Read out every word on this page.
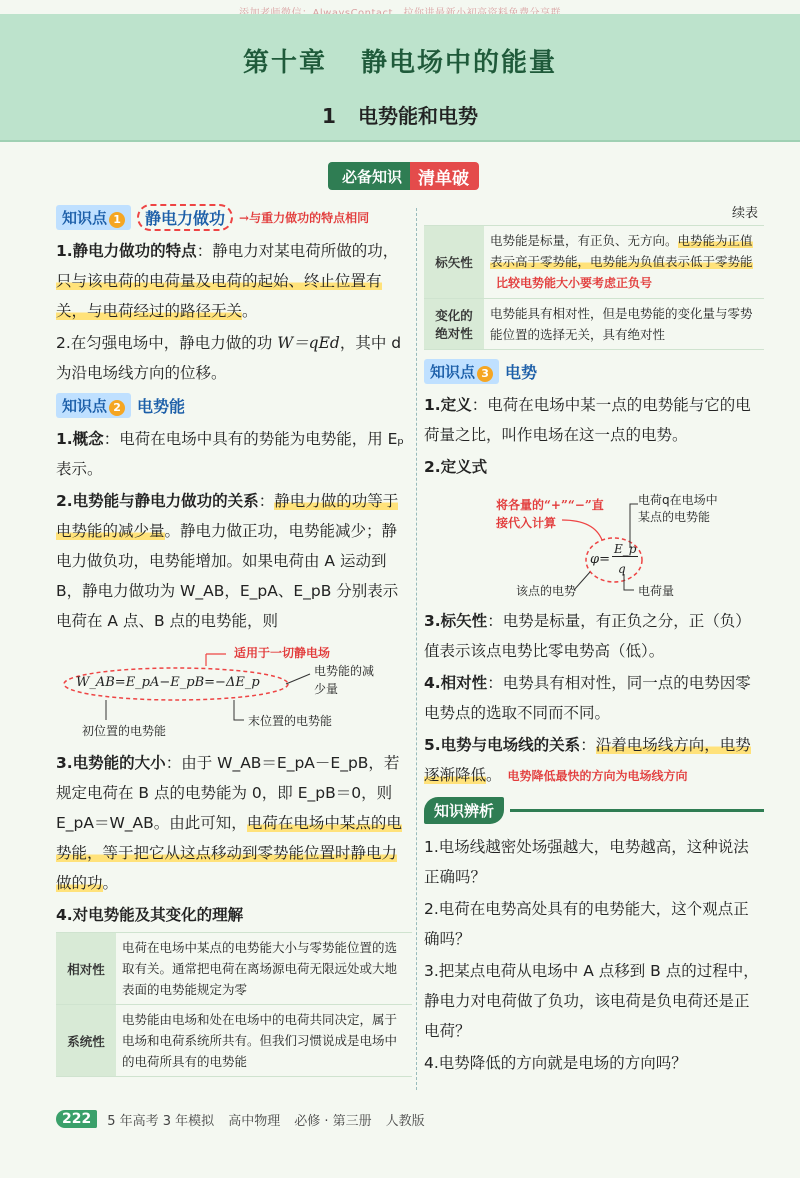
第十章 静电场中的能量
1 电势能和电势
必备知识 清单破
知识点 1	静电力做功	→与重力做功的特点相同

1.静电力做功的特点：静电力对某电荷所做的功，只与该电荷的电荷量及电荷的起始、终止位置有关，与电荷经过的路径无关。

2.在匀强电场中，静电力做的功 W＝qEd，其中 d 为沿电场线方向的位移。

知识点 2	电势能

1.概念：电荷在电场中具有的势能为电势能，用 Eₚ 表示。

2.电势能与静电力做功的关系：静电力做的功等于电势能的减少量。静电力做正功，电势能减少；静电力做负功，电势能增加。如果电荷由 A 运动到 B，静电力做功为 W_AB，E_pA、E_pB 分别表示电荷在 A 点、B 点的电势能，则

适用于一切静电场
W_AB=E_pA−E_pB=−ΔE_p
电势能的减少量
初位置的电势能
末位置的电势能

3.电势能的大小：由于 W_AB＝E_pA－E_pB，若规定电荷在 B 点的电势能为 0，即 E_pB＝0，则 E_pA＝W_AB。由此可知，电荷在电场中某点的电势能，等于把它从这点移动到零势能位置时静电力做的功。

4.对电势能及其变化的理解

相对性	电荷在电场中某点的电势能大小与零势能位置的选取有关。通常把电荷在离场源电荷无限远处或大地表面的电势能规定为零
系统性	电势能由电场和处在电场中的电荷共同决定，属于电场和电荷系统所共有。但我们习惯说成是电场中的电荷所具有的电势能
续表
标矢性	电势能是标量，有正负、无方向。电势能为正值表示高于零势能，电势能为负值表示低于零势能比较电势能大小要考虑正负号
变化的绝对性	电势能具有相对性，但是电势能的变化量与零势能位置的选择无关，具有绝对性
知识点 3	电势

1.定义：电荷在电场中某一点的电势能与它的电荷量之比，叫作电场在这一点的电势。

2.定义式

将各量的“+”“−”直接代入计算
φ=
E_p
q
电荷q在电场中某点的电势能
该点的电势	电荷量

3.标矢性：电势是标量，有正负之分，正（负）值表示该点电势比零电势高（低）。

4.相对性：电势具有相对性，同一点的电势因零电势点的选取不同而不同。

5.电势与电场线的关系：沿着电场线方向，电势逐渐降低。 电势降低最快的方向为电场线方向

知识辨析

1.电场线越密处场强越大，电势越高，这种说法正确吗？

2.电荷在电势高处具有的电势能大，这个观点正确吗？

3.把某点电荷从电场中 A 点移到 B 点的过程中，静电力对电荷做了负功，该电荷是负电荷还是正电荷？

4.电势降低的方向就是电场的方向吗？

222	5 年高考 3 年模拟 高中物理 必修 · 第三册 人教版
